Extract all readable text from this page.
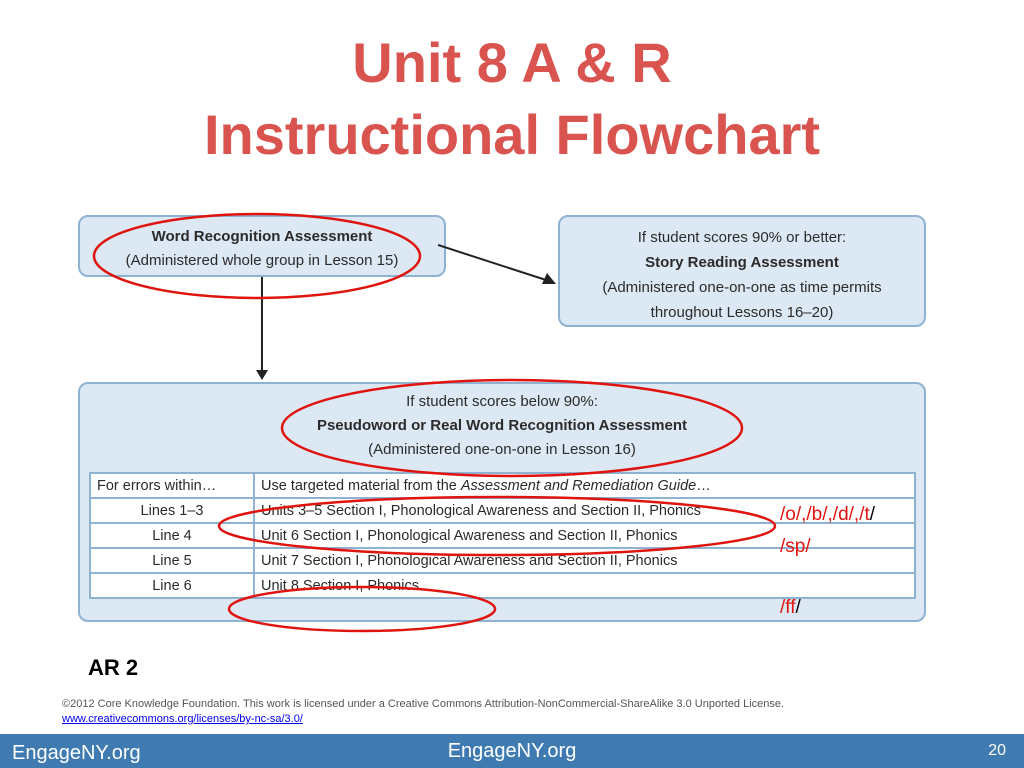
Unit 8 A & R
Instructional Flowchart
Word Recognition Assessment
(Administered whole group in Lesson 15)
If student scores 90% or better:
Story Reading Assessment
(Administered one-on-one as time permits
throughout Lessons 16–20)
If student scores below 90%:
Pseudoword or Real Word Recognition Assessment
(Administered one-on-one in Lesson 16)
For errors within…	Use targeted material from the Assessment and Remediation Guide…
Lines 1–3	Units 3–5 Section I, Phonological Awareness and Section II, Phonics
Line 4	Unit 6 Section I, Phonological Awareness and Section II, Phonics
Line 5	Unit 7 Section I, Phonological Awareness and Section II, Phonics
Line 6	Unit 8 Section I, Phonics
/o/,/b/,/d/,/t/
/sp/
/ff/
AR 2
©2012 Core Knowledge Foundation. This work is licensed under a Creative Commons Attribution-NonCommercial-ShareAlike 3.0 Unported License.
www.creativecommons.org/licenses/by-nc-sa/3.0/
EngageNY.org	EngageNY.org	20
